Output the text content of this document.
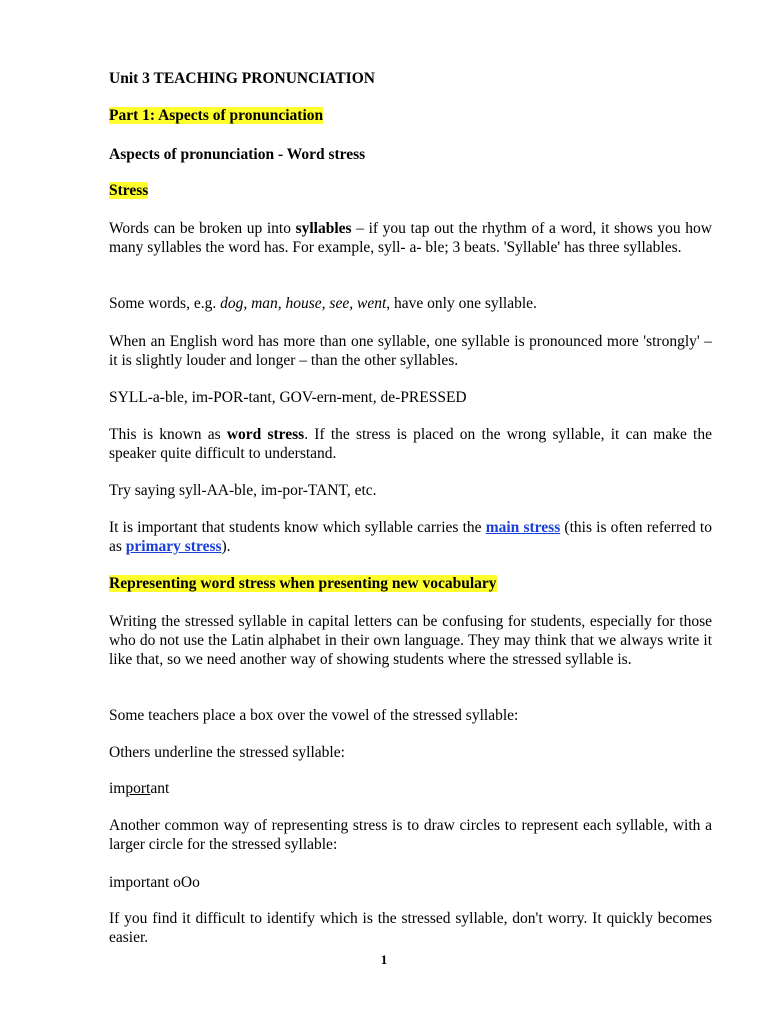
Unit 3 TEACHING PRONUNCIATION

Part 1: Aspects of pronunciation

Aspects of pronunciation - Word stress

Stress

Words can be broken up into syllables – if you tap out the rhythm of a word, it shows you how many syllables the word has. For example, syll- a- ble; 3 beats. 'Syllable' has three syllables.

Some words, e.g. dog, man, house, see, went, have only one syllable.

When an English word has more than one syllable, one syllable is pronounced more 'strongly' – it is slightly louder and longer – than the other syllables.

SYLL-a-ble, im-POR-tant, GOV-ern-ment, de-PRESSED

This is known as word stress. If the stress is placed on the wrong syllable, it can make the speaker quite difficult to understand.

Try saying syll-AA-ble, im-por-TANT, etc.

It is important that students know which syllable carries the main stress (this is often referred to as primary stress).

Representing word stress when presenting new vocabulary

Writing the stressed syllable in capital letters can be confusing for students, especially for those who do not use the Latin alphabet in their own language. They may think that we always write it like that, so we need another way of showing students where the stressed syllable is.

Some teachers place a box over the vowel of the stressed syllable:

Others underline the stressed syllable:

important

Another common way of representing stress is to draw circles to represent each syllable, with a larger circle for the stressed syllable:

important oOo

If you find it difficult to identify which is the stressed syllable, don't worry. It quickly becomes easier.

1
